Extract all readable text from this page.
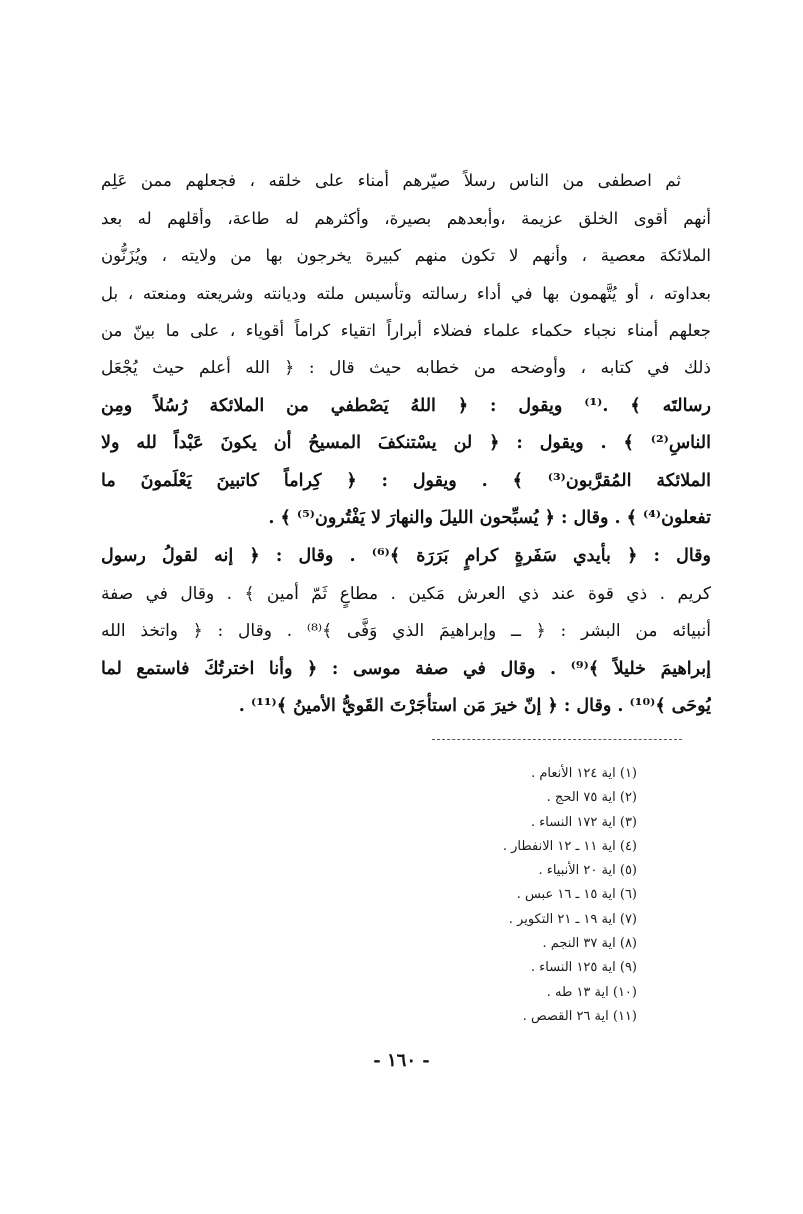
ثم اصطفى من الناس رسلاً صيّرهم أمناء على خلقه ، فجعلهم ممن عَلِم
أنهم أقوى الخلق عزيمة ،وأبعدهم بصيرة، وأكثرهم له طاعة، وأقلهم له بعد
الملائكة معصية ، وأنهم لا تكون منهم كبيرة يخرجون بها من ولايته ، ويُزَنُّون
بعداوته ، أو يُتَّهمون بها في أداء رسالته وتأسيس ملته وديانته وشريعته ومنعته ، بل
جعلهم أمناء نجباء حكماء علماء فضلاء أبراراً اتقياء كراماً أقوياء ، على ما بينّ من
ذلك في كتابه ، وأوضحه من خطابه حيث قال : ﴿ الله أعلم حيث يُجْعَل
رسالتَه ﴾ .⁽¹⁾ ويقول : ﴿ اللهُ يَصْطفي من الملائكة رُسُلاً ومِن
الناسِ⁽²⁾ ﴾ . ويقول : ﴿ لن يسْتنكفَ المسيحُ أن يكونَ عَبْداً لله ولا
الملائكة المُقرَّبون⁽³⁾ ﴾ . ويقول : ﴿ كِراماً كاتبينَ يَعْلَمونَ ما
تفعلون⁽⁴⁾ ﴾ . وقال : ﴿ يُسبِّحون الليلَ والنهارَ لا يَفْتُرون⁽⁵⁾ ﴾ .
وقال : ﴿ بأيدي سَفَرةٍ كرامٍ بَرَرَة ﴾⁽⁶⁾ . وقال : ﴿ إنه لقولُ رسول
كريم . ذي قوة عند ذي العرش مَكين . مطاعٍ ثَمّ أمين ﴾ . وقال في صفة
أنبيائه من البشر : ﴿ ــ وإبراهيمَ الذي وَفَّى ﴾⁽⁸⁾ . وقال : ﴿ واتخذ الله
إبراهيمَ خليلاً ﴾⁽⁹⁾ . وقال في صفة موسى : ﴿ وأنا اخترتُكَ فاستمع لما
يُوحَى ﴾⁽¹⁰⁾ . وقال : ﴿ إنّ خيرَ مَن استأجَرْتَ القَويُّ الأمينُ ﴾⁽¹¹⁾ .
(١) اية ١٢٤ الأنعام .
(٢) اية ٧٥ الحج .
(٣) اية ١٧٢ النساء .
(٤) اية ١١ ـ ١٢ الانفطار .
(٥) اية ٢٠ الأنبياء .
(٦) اية ١٥ ـ ١٦ عبس .
(٧) اية ١٩ ـ ٢١ التكوير .
(٨) اية ٣٧ النجم .
(٩) اية ١٢٥ النساء .
(١٠) اية ١٣ طه .
(١١) اية ٢٦ القصص .
- ١٦٠ -
